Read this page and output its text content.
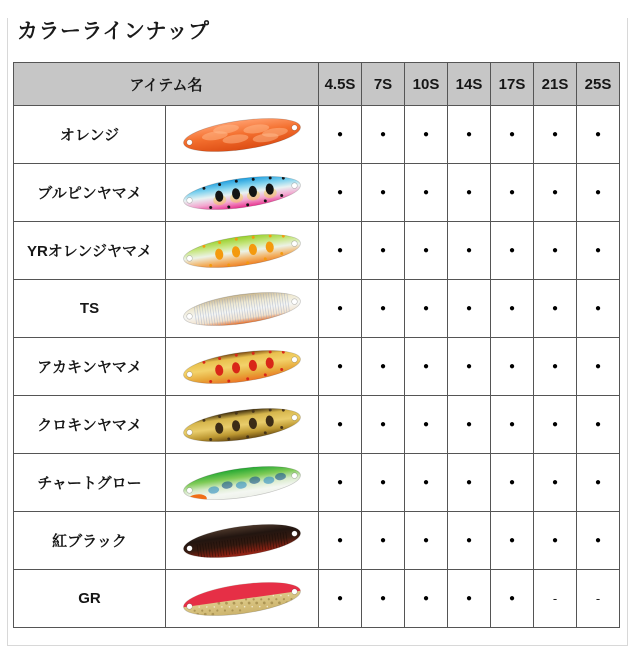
カラーラインナップ
アイテム名		4.5S	7S	10S	14S	17S	21S	25S
オレンジ		●	●	●	●	●	●	●
ブルピンヤマメ		●	●	●	●	●	●	●
YRオレンジヤマメ		●	●	●	●	●	●	●
TS		●	●	●	●	●	●	●
アカキンヤマメ		●	●	●	●	●	●	●
クロキンヤマメ		●	●	●	●	●	●	●
チャートグロー		●	●	●	●	●	●	●
紅ブラック		●	●	●	●	●	●	●
GR		●	●	●	●	●	-	-
